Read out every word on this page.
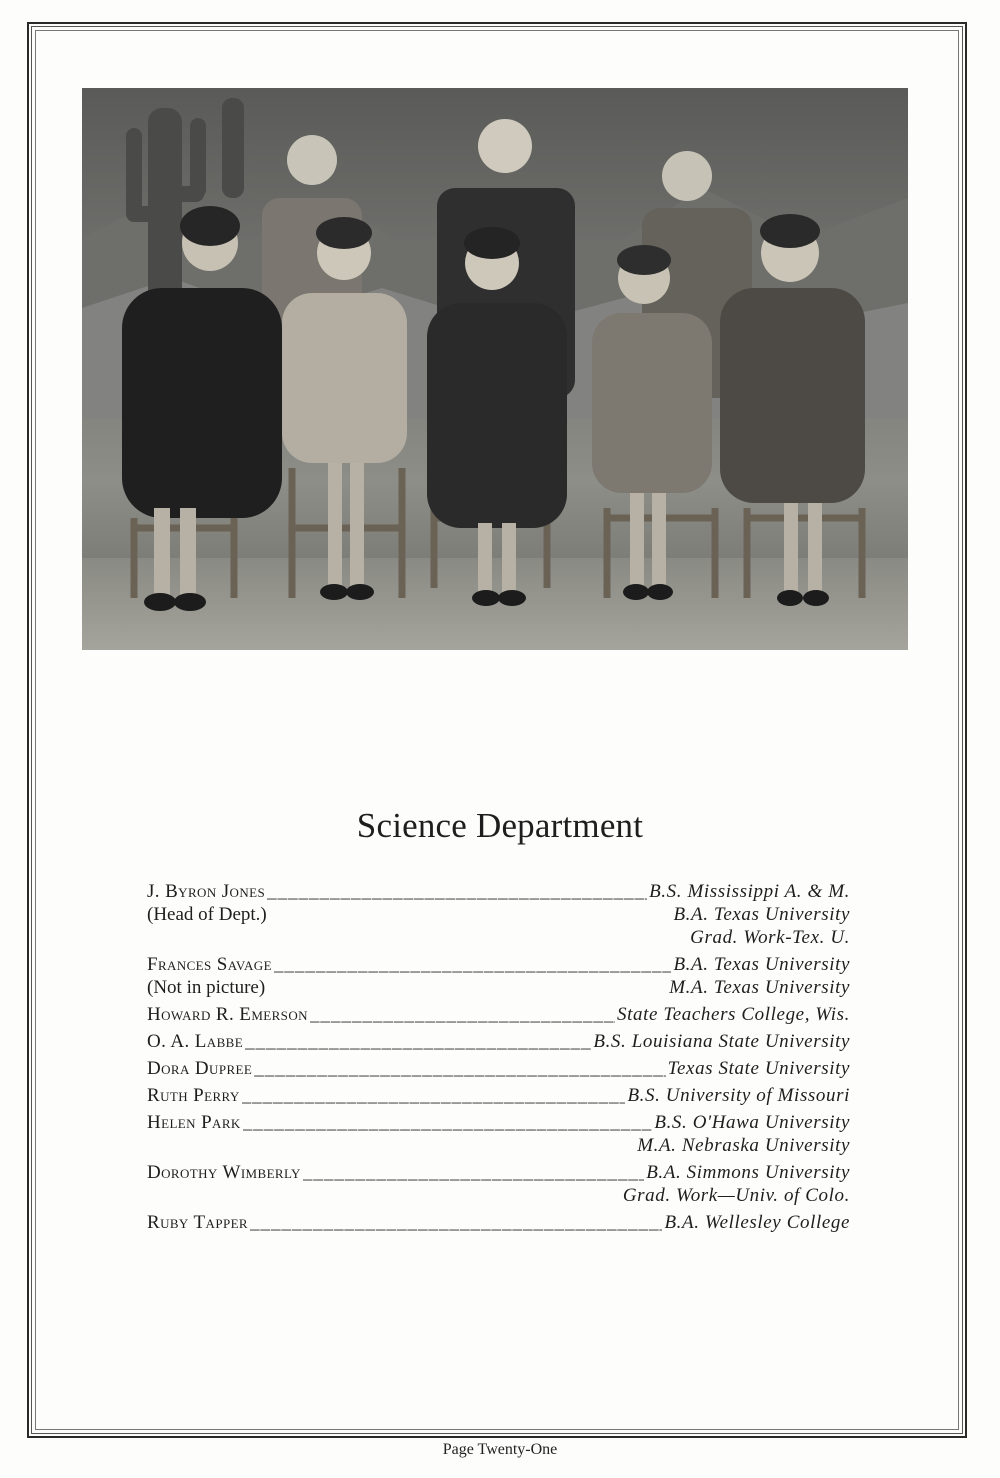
Science Department
J. Byron Jones _____	B.S. Mississippi A. & M.
(Head of Dept.)	B.A. Texas University
Grad. Work-Tex. U.
Frances Savage _____	B.A. Texas University
(Not in picture)	M.A. Texas University
Howard R. Emerson _____	State Teachers College, Wis.
O. A. Labbe _____	B.S. Louisiana State University
Dora Dupree _____	Texas State University
Ruth Perry _____	B.S. University of Missouri
Helen Park _____	B.S. O'Hawa University
M.A. Nebraska University
Dorothy Wimberly _____	B.A. Simmons University
Grad. Work—Univ. of Colo.
Ruby Tapper _____	B.A. Wellesley College
Page Twenty-One
